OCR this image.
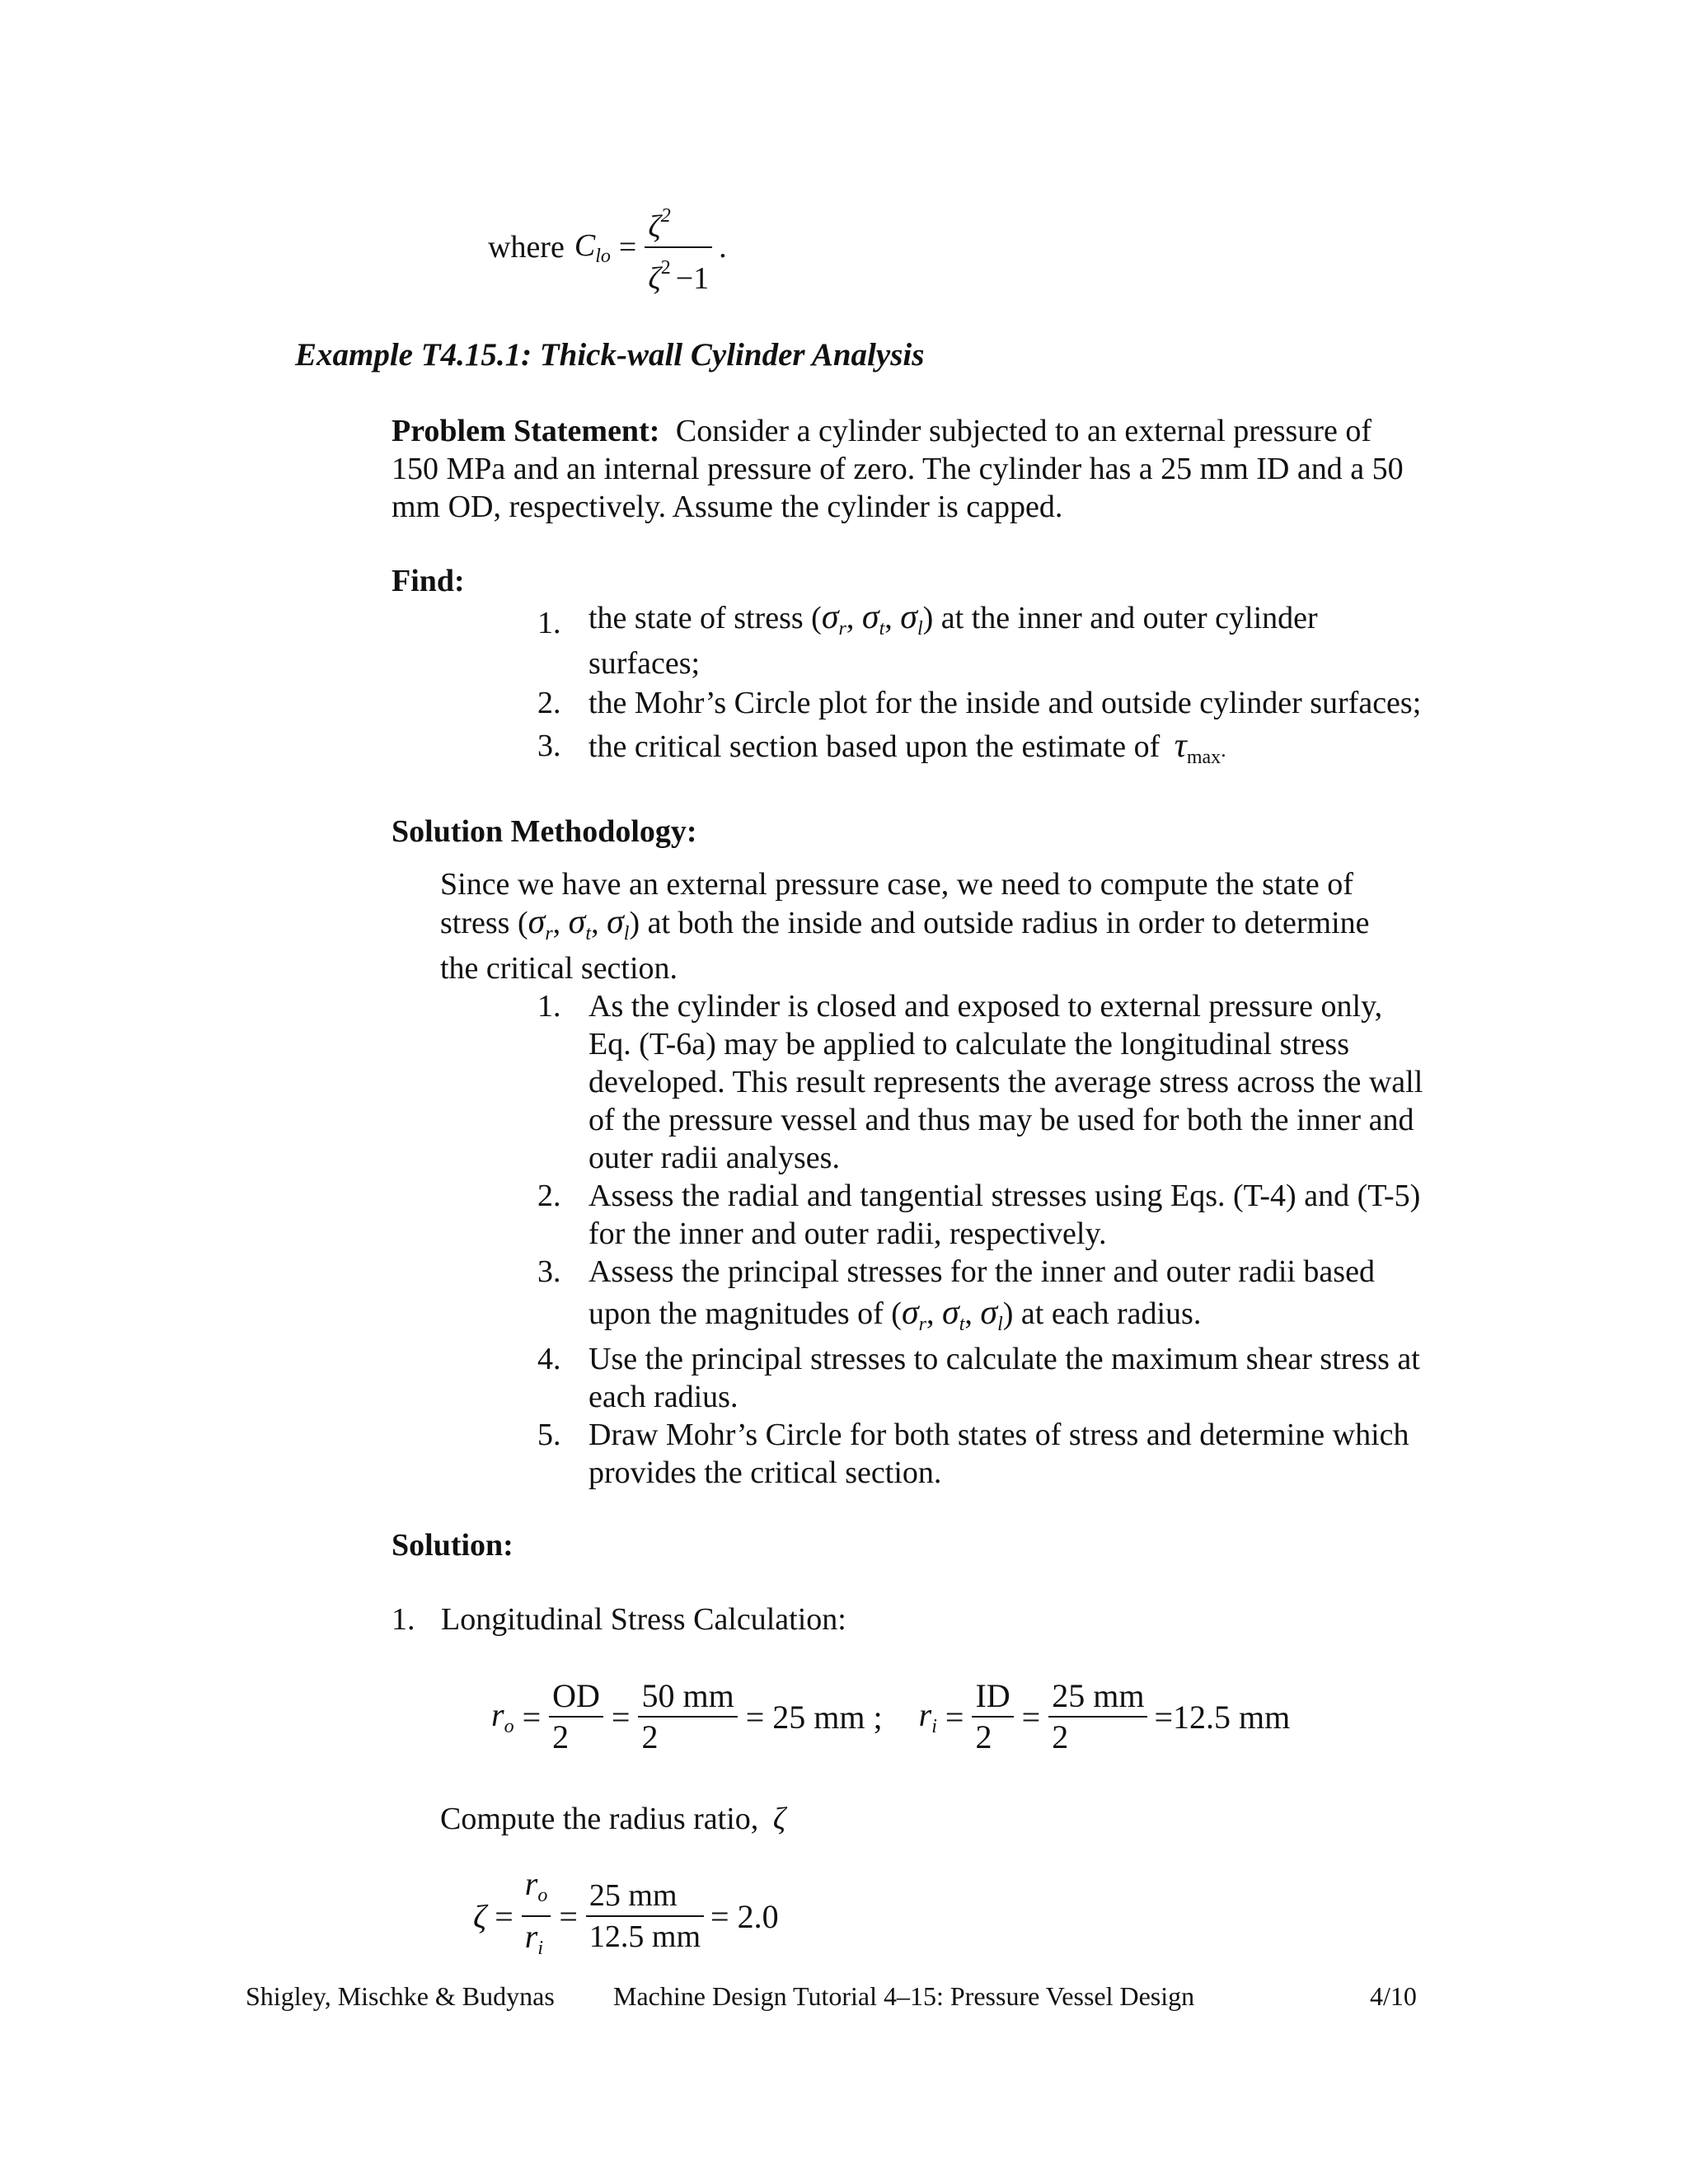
where $C_{lo} = \frac{\zeta^2}{\zeta^2 -1}$ .
Example T4.15.1: Thick-wall Cylinder Analysis
Problem Statement: Consider a cylinder subjected to an external pressure of
150 MPa and an internal pressure of zero. The cylinder has a 25 mm ID and a 50
mm OD, respectively. Assume the cylinder is capped.
Find:
1. the state of stress ($\sigma_r$, $\sigma_t$, $\sigma_l$) at the inner and outer cylinder
surfaces;
2. the Mohr’s Circle plot for the inside and outside cylinder surfaces;
3. the critical section based upon the estimate of $\tau_{max}$.
Solution Methodology:
Since we have an external pressure case, we need to compute the state of
stress ($\sigma_r$, $\sigma_t$, $\sigma_l$) at both the inside and outside radius in order to determine
the critical section.
1. As the cylinder is closed and exposed to external pressure only,
Eq. (T-6a) may be applied to calculate the longitudinal stress
developed. This result represents the average stress across the wall
of the pressure vessel and thus may be used for both the inner and
outer radii analyses.
2. Assess the radial and tangential stresses using Eqs. (T-4) and (T-5)
for the inner and outer radii, respectively.
3. Assess the principal stresses for the inner and outer radii based
upon the magnitudes of ($\sigma_r$, $\sigma_t$, $\sigma_l$) at each radius.
4. Use the principal stresses to calculate the maximum shear stress at
each radius.
5. Draw Mohr’s Circle for both states of stress and determine which
provides the critical section.
Solution:
1. Longitudinal Stress Calculation:
$r_o = \frac{OD}{2} = \frac{50 mm}{2} = 25$ mm ; $r_i = \frac{ID}{2} = \frac{25 mm}{2} =12.5$ mm
Compute the radius ratio, ζ
$\zeta = \frac{r_o}{r_i} = \frac{25 mm}{12.5 mm} = 2.0$
Shigley, Mischke & Budynas Machine Design Tutorial 4–15: Pressure Vessel Design	4/10
